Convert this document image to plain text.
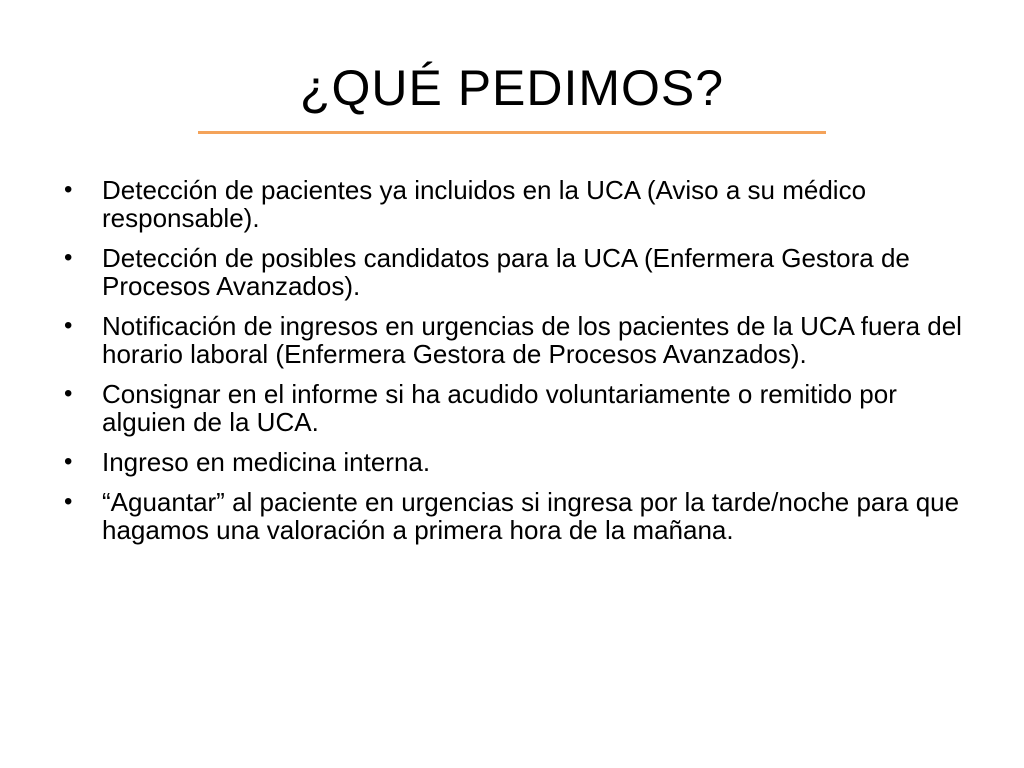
¿QUÉ PEDIMOS?
• Detección de pacientes ya incluidos en la UCA (Aviso a su médico responsable).
• Detección de posibles candidatos para la UCA (Enfermera Gestora de Procesos Avanzados).
• Notificación de ingresos en urgencias de los pacientes de la UCA fuera del horario laboral (Enfermera Gestora de Procesos Avanzados).
• Consignar en el informe si ha acudido voluntariamente o remitido por alguien de la UCA.
• Ingreso en medicina interna.
• “Aguantar” al paciente en urgencias si ingresa por la tarde/noche para que hagamos una valoración a primera hora de la mañana.
